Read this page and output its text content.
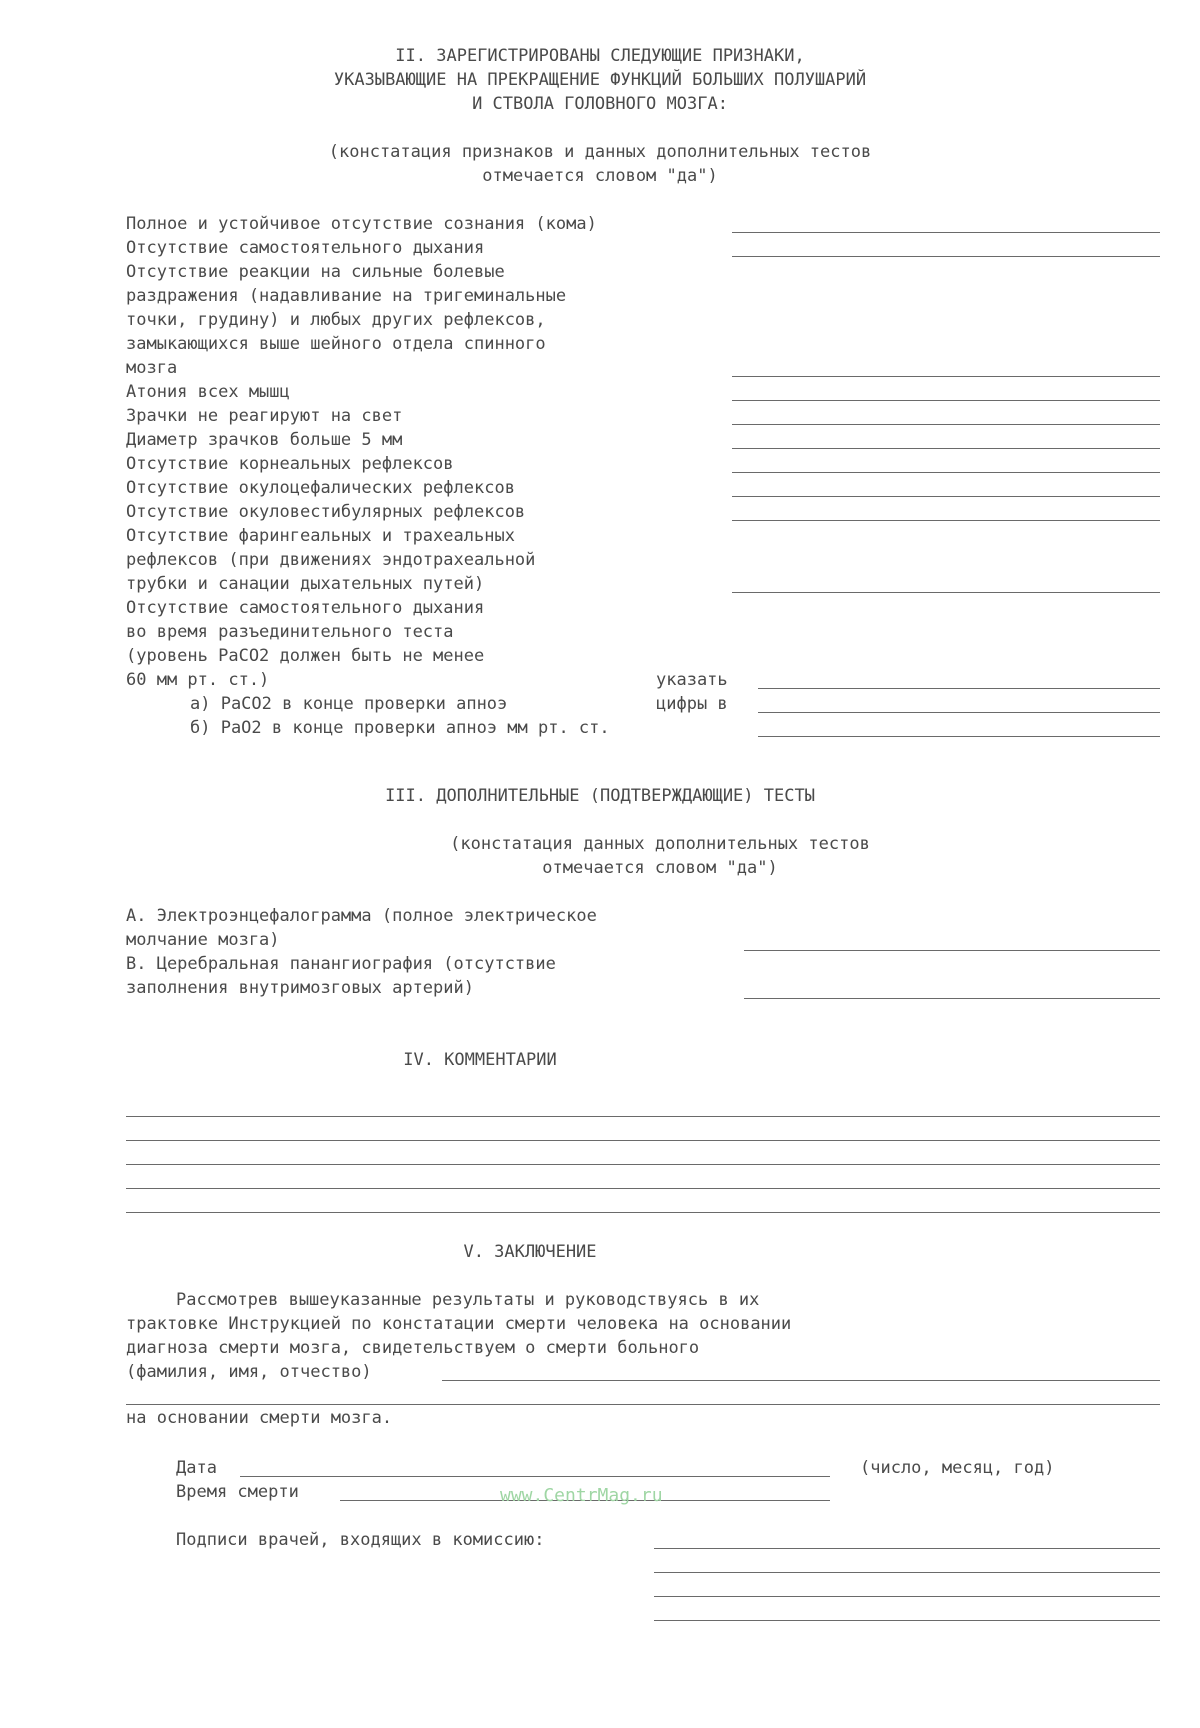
II. ЗАРЕГИСТРИРОВАНЫ СЛЕДУЮЩИЕ ПРИЗНАКИ,
УКАЗЫВАЮЩИЕ НА ПРЕКРАЩЕНИЕ ФУНКЦИЙ БОЛЬШИХ ПОЛУШАРИЙ
И СТВОЛА ГОЛОВНОГО МОЗГА:
(констатация признаков и данных дополнительных тестов
отмечается словом "да")
Полное и устойчивое отсутствие сознания (кома)
Отсутствие самостоятельного дыхания
Отсутствие реакции на сильные болевые
раздражения (надавливание на тригеминальные
точки, грудину) и любых других рефлексов,
замыкающихся выше шейного отдела спинного
мозга
Атония всех мышц
Зрачки не реагируют на свет
Диаметр зрачков больше 5 мм
Отсутствие корнеальных рефлексов
Отсутствие окулоцефалических рефлексов
Отсутствие окуловестибулярных рефлексов
Отсутствие фарингеальных и трахеальных
рефлексов (при движениях эндотрахеальной
трубки и санации дыхательных путей)
Отсутствие самостоятельного дыхания
во время разъединительного теста
(уровень PaCO2 должен быть не менее
60 мм рт. ст.)
а) PaCO2 в конце проверки апноэ
б) PaO2 в конце проверки апноэ мм рт. ст.
указать
цифры в
III. ДОПОЛНИТЕЛЬНЫЕ (ПОДТВЕРЖДАЮЩИЕ) ТЕСТЫ
(констатация данных дополнительных тестов
отмечается словом "да")
А. Электроэнцефалограмма (полное электрическое
молчание мозга)
В. Церебральная панангиография (отсутствие
заполнения внутримозговых артерий)
IV. КОММЕНТАРИИ
V. ЗАКЛЮЧЕНИЕ
Рассмотрев вышеуказанные результаты и руководствуясь в их
трактовке Инструкцией по констатации смерти человека на основании
диагноза смерти мозга, свидетельствуем о смерти больного
(фамилия, имя, отчество)
на основании смерти мозга.
Дата	(число, месяц, год)
Время смерти
Подписи врачей, входящих в комиссию:
www.CentrMag.ru
